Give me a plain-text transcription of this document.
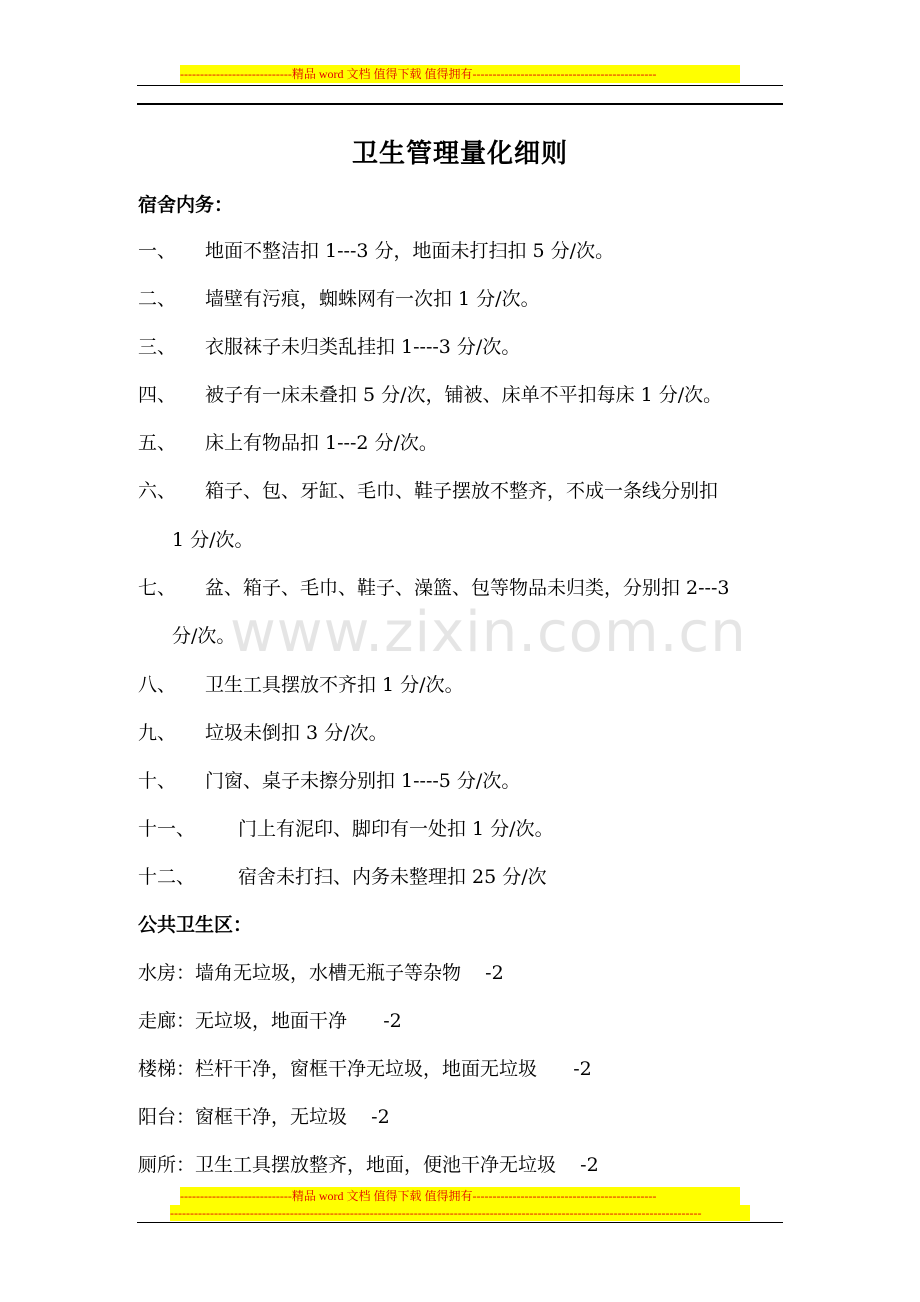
----------------------------精品 word 文档 值得下载 值得拥有----------------------------------------------
卫生管理量化细则
宿舍内务：
一、 地面不整洁扣 1---3 分，地面未打扫扣 5 分/次。
二、 墙壁有污痕，蜘蛛网有一次扣 1 分/次。
三、 衣服袜子未归类乱挂扣 1----3 分/次。
四、 被子有一床未叠扣 5 分/次，铺被、床单不平扣每床 1 分/次。
五、 床上有物品扣 1---2 分/次。
六、 箱子、包、牙缸、毛巾、鞋子摆放不整齐，不成一条线分别扣
1 分/次。
七、 盆、箱子、毛巾、鞋子、澡篮、包等物品未归类，分别扣 2---3
分/次。
八、 卫生工具摆放不齐扣 1 分/次。
九、 垃圾未倒扣 3 分/次。
十、 门窗、桌子未擦分别扣 1----5 分/次。
十一、 门上有泥印、脚印有一处扣 1 分/次。
十二、 宿舍未打扫、内务未整理扣 25 分/次
公共卫生区：
水房：墙角无垃圾，水槽无瓶子等杂物    -2
走廊：无垃圾，地面干净      -2
楼梯：栏杆干净，窗框干净无垃圾，地面无垃圾      -2
阳台：窗框干净，无垃圾    -2
厕所：卫生工具摆放整齐，地面，便池干净无垃圾    -2
www.zixin.com.cn
----------------------------精品 word 文档 值得下载 值得拥有----------------------------------------------
-------------------------------------------------------------------------------------------------------------------------------------
